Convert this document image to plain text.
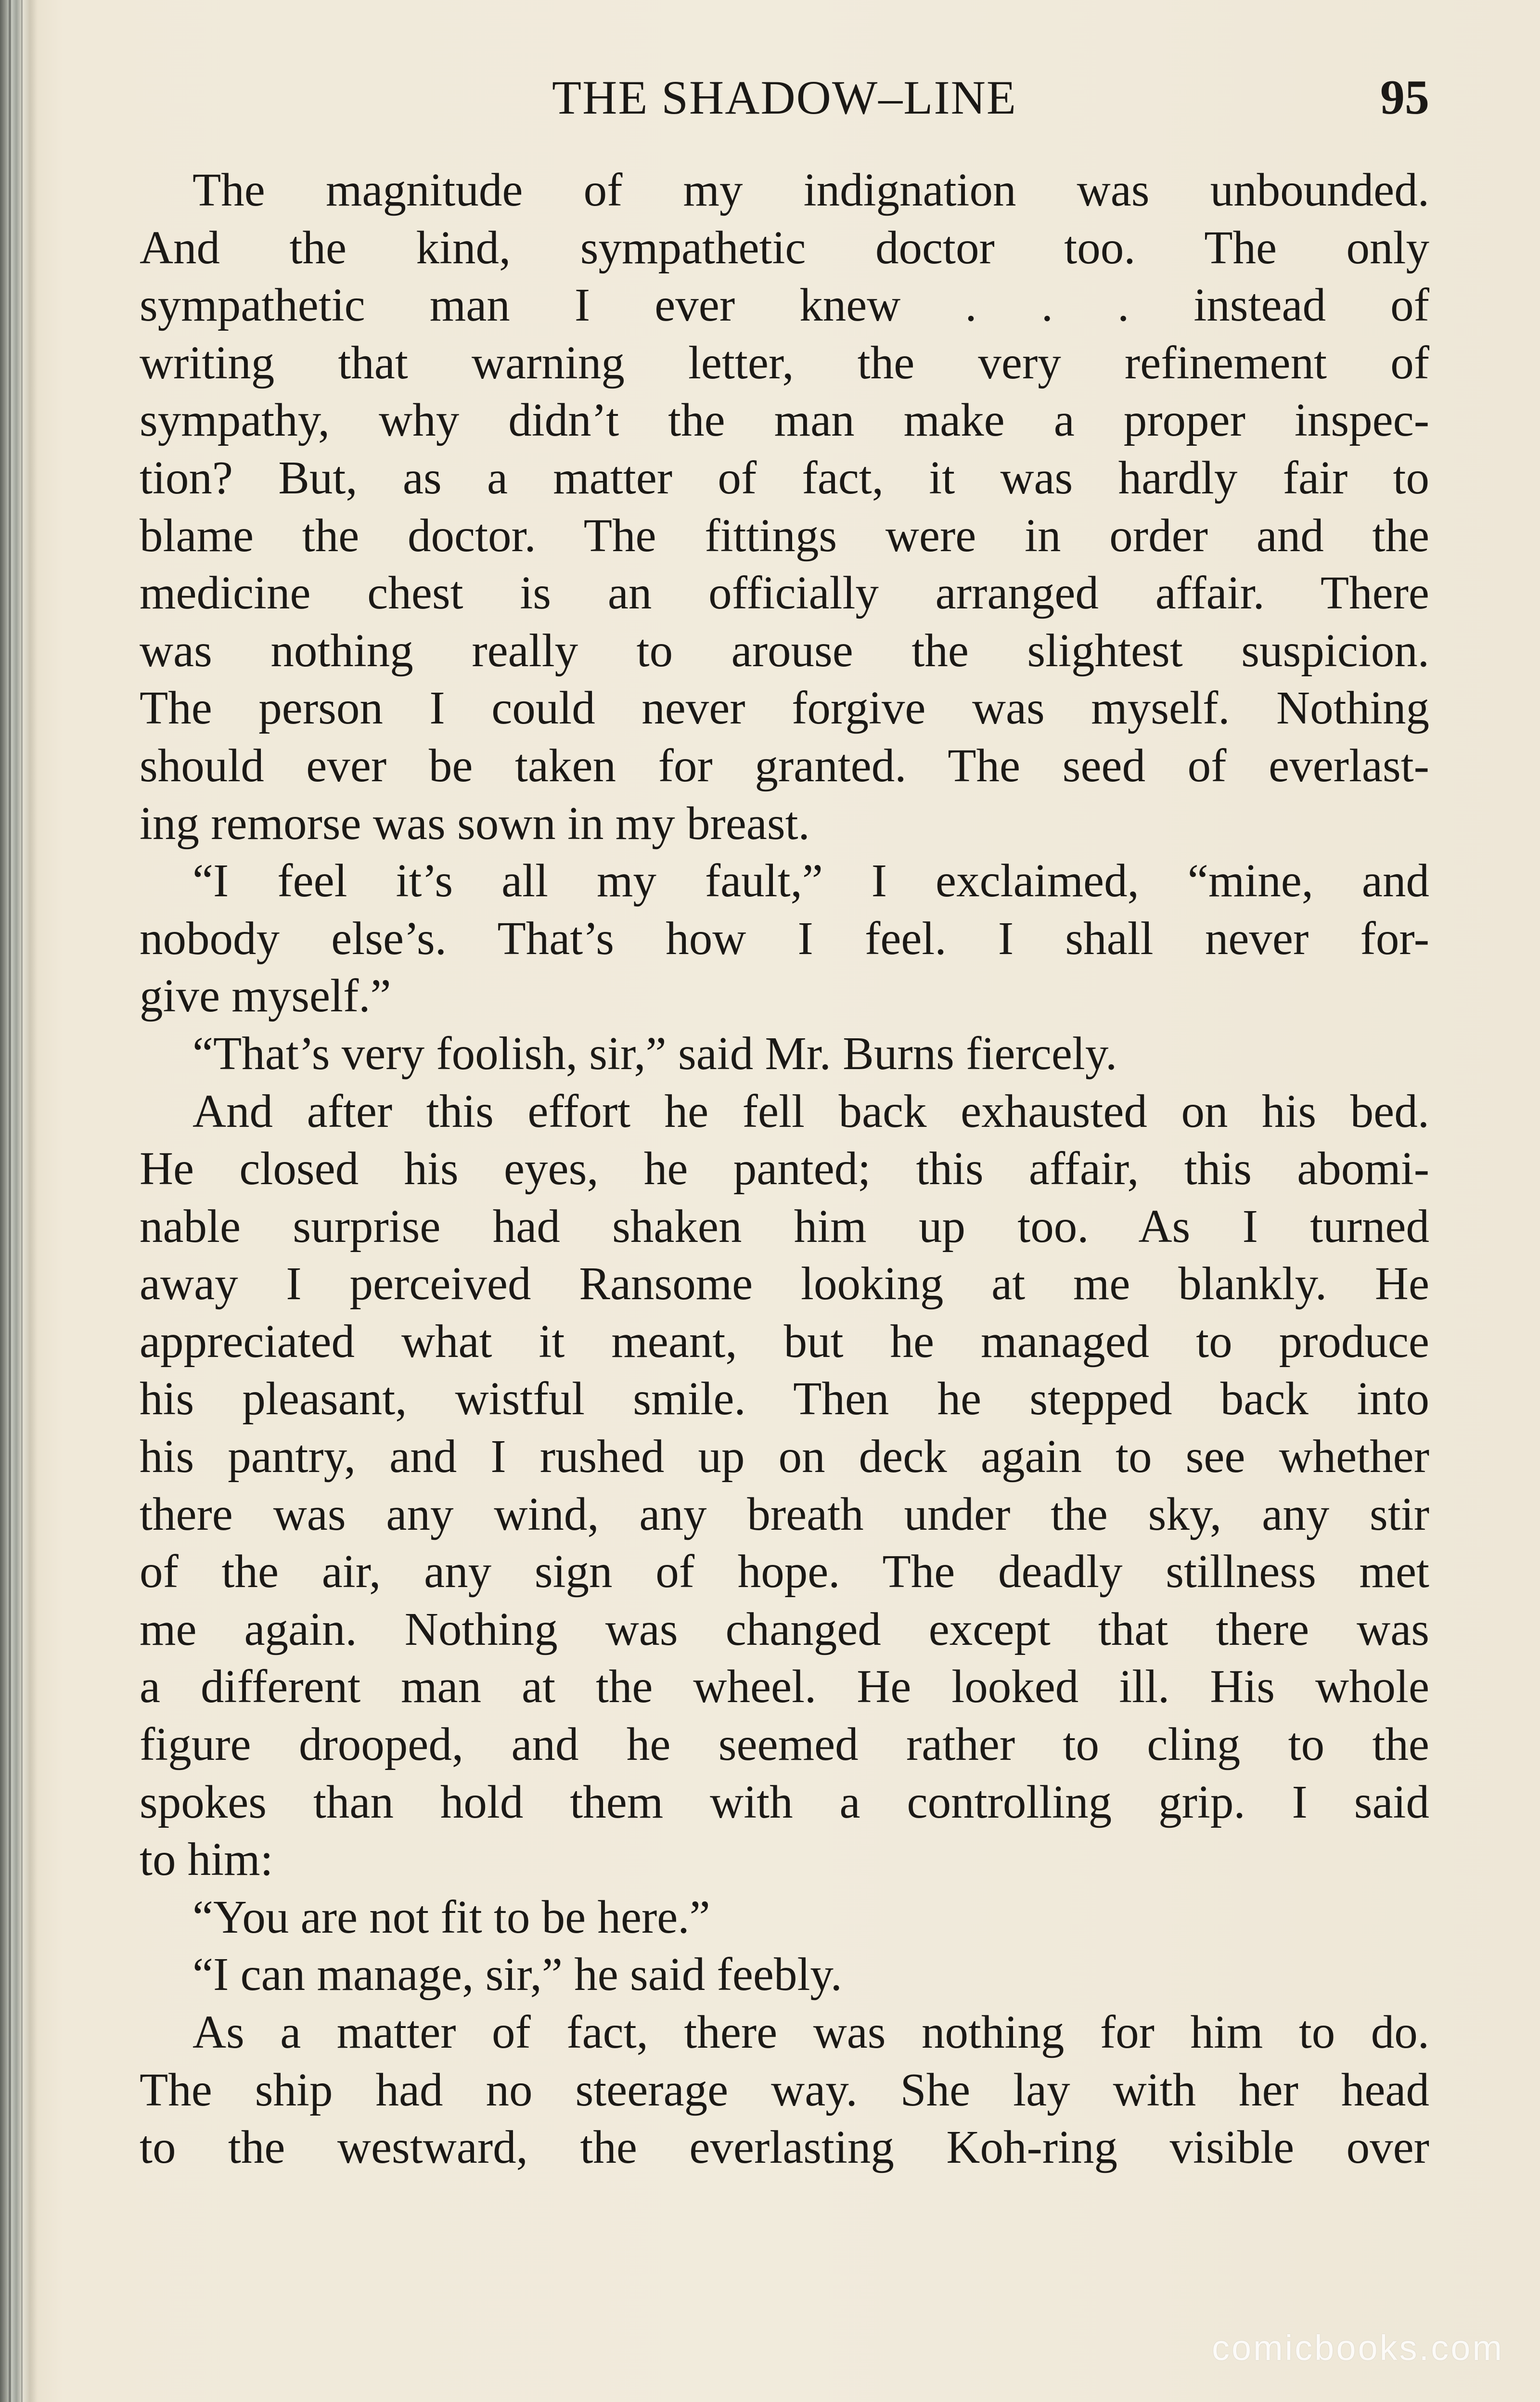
THE SHADOW–LINE	95
The magnitude of my indignation was unbounded.
And the kind, sympathetic doctor too. The only
sympathetic man I ever knew . . . instead of
writing that warning letter, the very refinement of
sympathy, why didn’t the man make a proper inspec-
tion? But, as a matter of fact, it was hardly fair to
blame the doctor. The fittings were in order and the
medicine chest is an officially arranged affair. There
was nothing really to arouse the slightest suspicion.
The person I could never forgive was myself. Nothing
should ever be taken for granted. The seed of everlast-
ing remorse was sown in my breast.
“I feel it’s all my fault,” I exclaimed, “mine, and
nobody else’s. That’s how I feel. I shall never for-
give myself.”
“That’s very foolish, sir,” said Mr. Burns fiercely.
And after this effort he fell back exhausted on his bed.
He closed his eyes, he panted; this affair, this abomi-
nable surprise had shaken him up too. As I turned
away I perceived Ransome looking at me blankly. He
appreciated what it meant, but he managed to produce
his pleasant, wistful smile. Then he stepped back into
his pantry, and I rushed up on deck again to see whether
there was any wind, any breath under the sky, any stir
of the air, any sign of hope. The deadly stillness met
me again. Nothing was changed except that there was
a different man at the wheel. He looked ill. His whole
figure drooped, and he seemed rather to cling to the
spokes than hold them with a controlling grip. I said
to him:
“You are not fit to be here.”
“I can manage, sir,” he said feebly.
As a matter of fact, there was nothing for him to do.
The ship had no steerage way. She lay with her head
to the westward, the everlasting Koh-ring visible over
comicbooks.com
